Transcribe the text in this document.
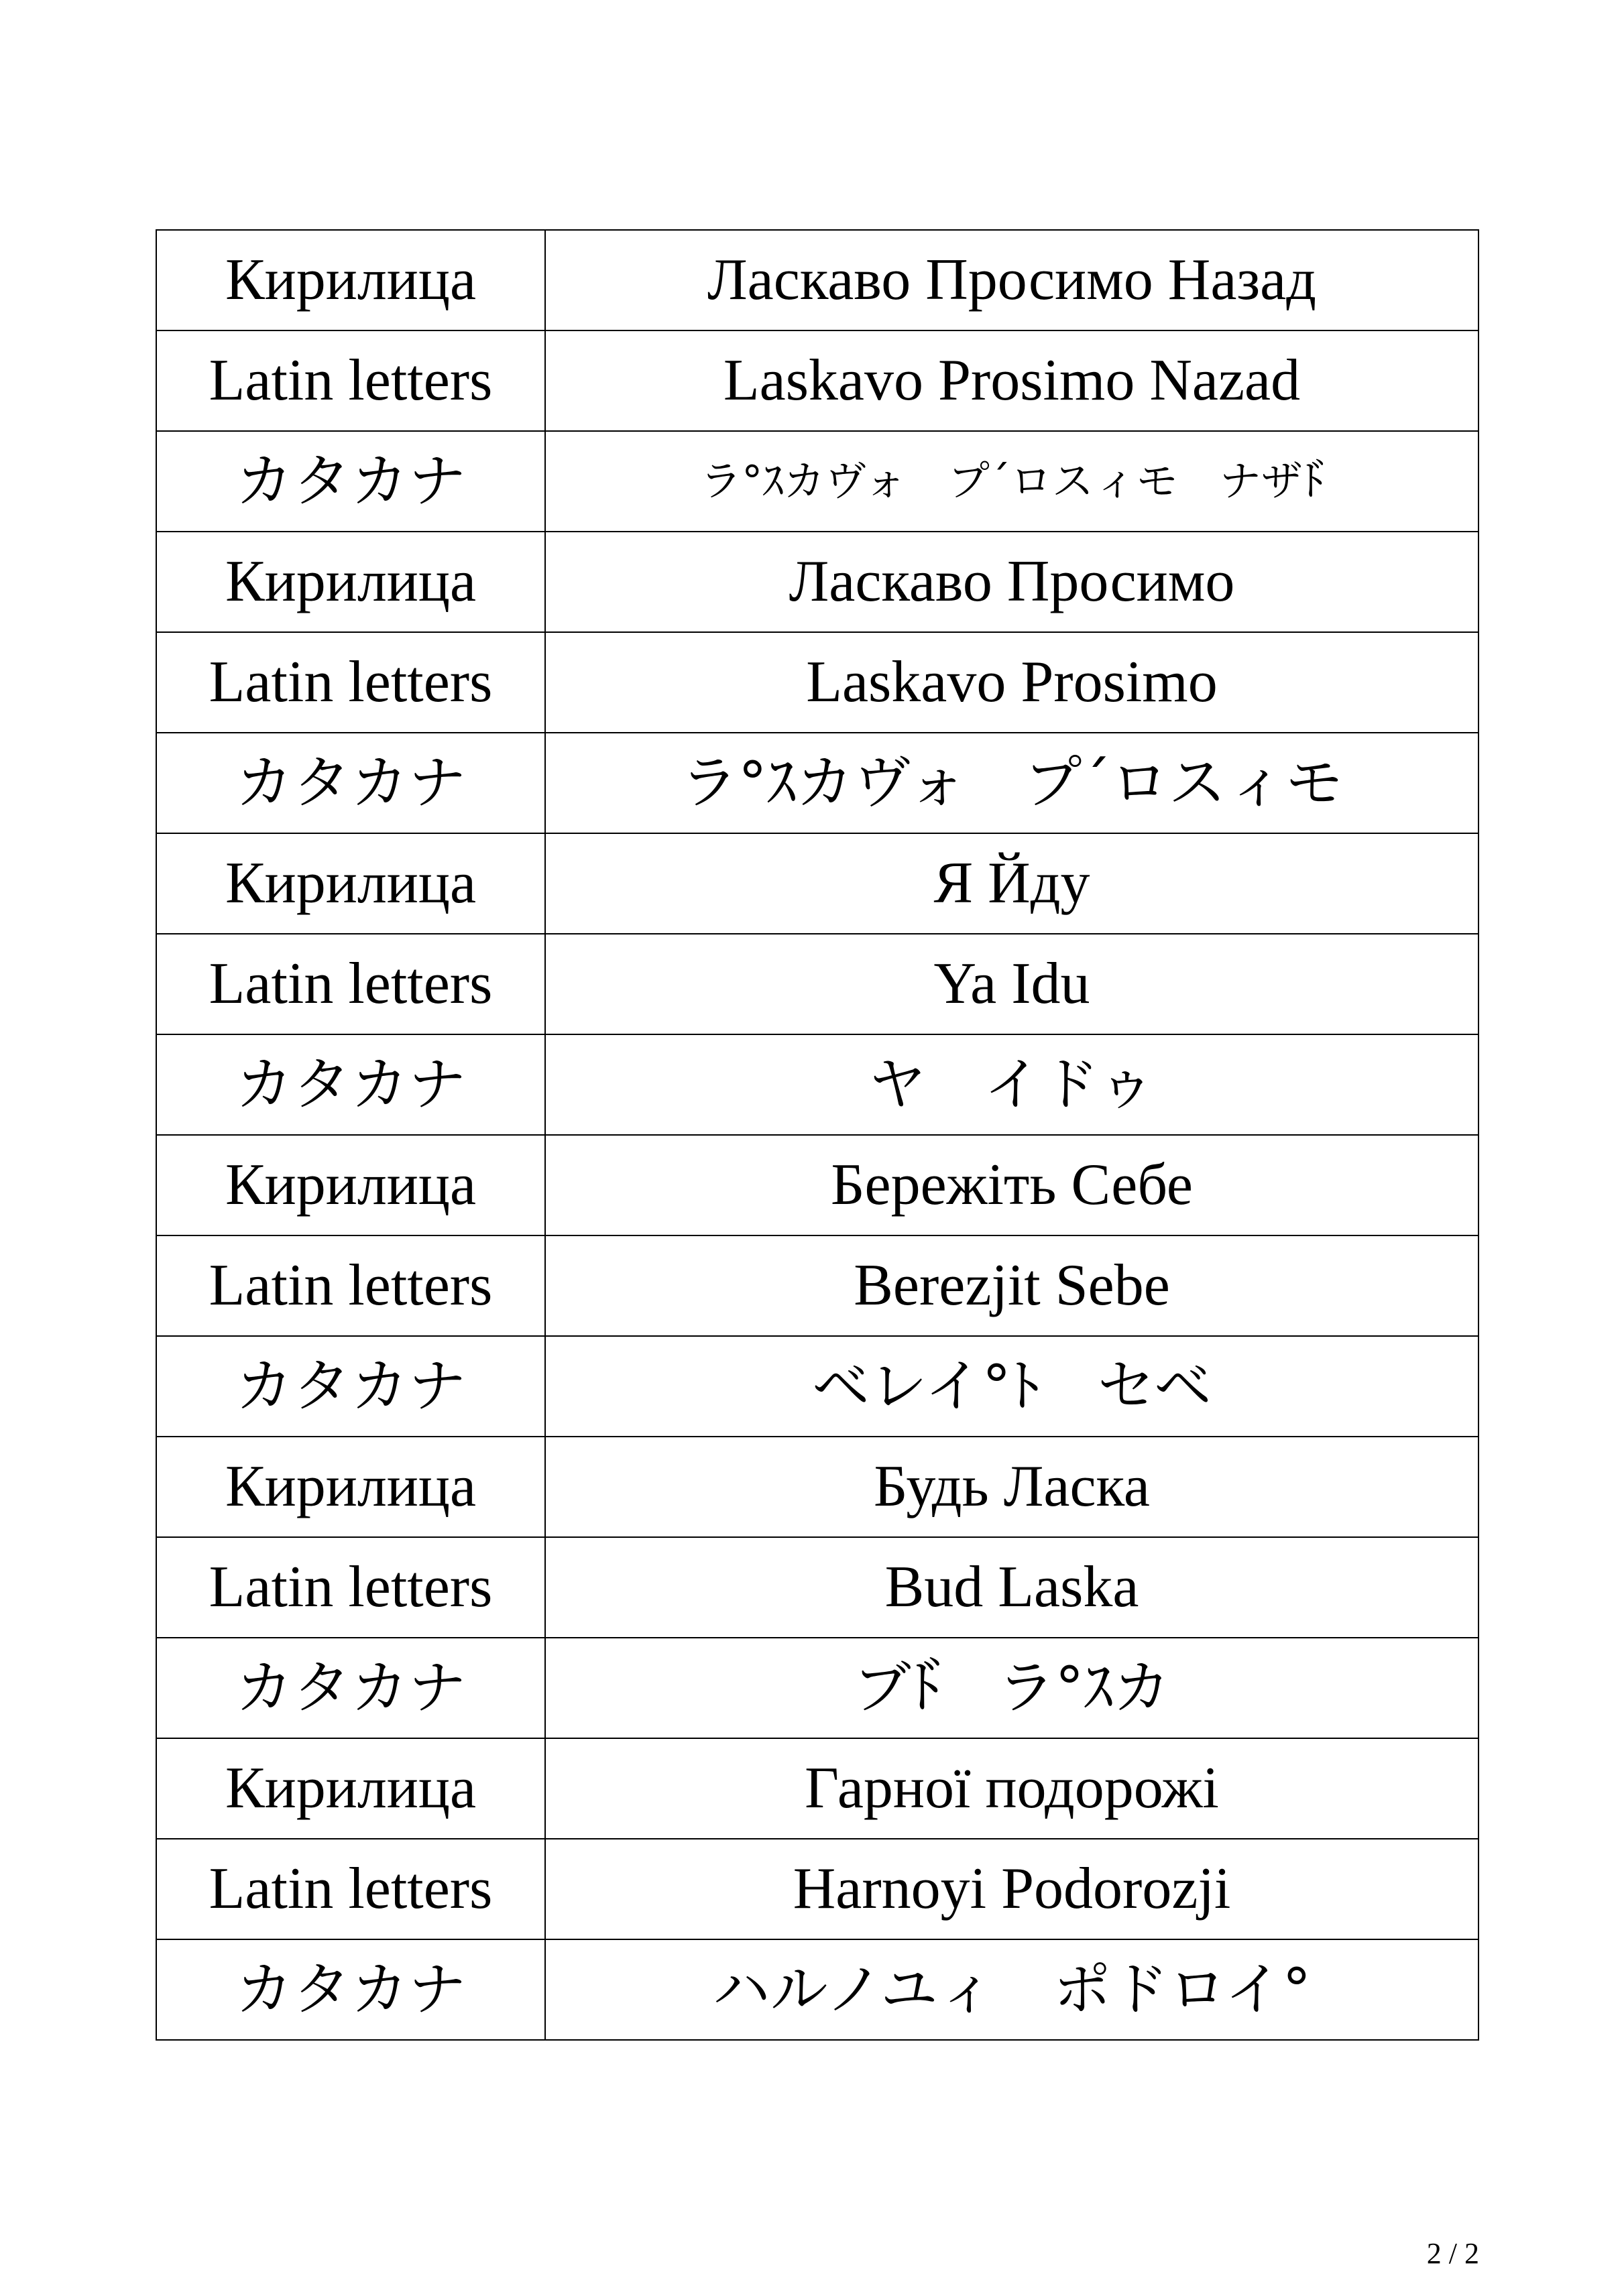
Кирилица	Ласкаво Просимо Назад
Latin letters	Laskavo Prosimo Nazad
カタカナ	ラ°ｽカヴォ　プ´ロスィモ　ナザﾄ゙
Кирилица	Ласкаво Просимо
Latin letters	Laskavo Prosimo
カタカナ	ラ°ｽカヴォ　プ´ロスィモ
Кирилица	Я Йду
Latin letters	Ya Idu
カタカナ	ヤ　イドゥ
Кирилица	Бережіть Себе
Latin letters	Berezjit Sebe
カタカナ	ベレイ°ﾄ　セベ
Кирилица	Будь Ласка
Latin letters	Bud Laska
カタカナ	ブﾄ゙　ラ°ｽカ
Кирилица	Гарної подорожі
Latin letters	Harnoyi Podorozji
カタカナ	ハルノユィ　ポドロイ°
2 / 2
